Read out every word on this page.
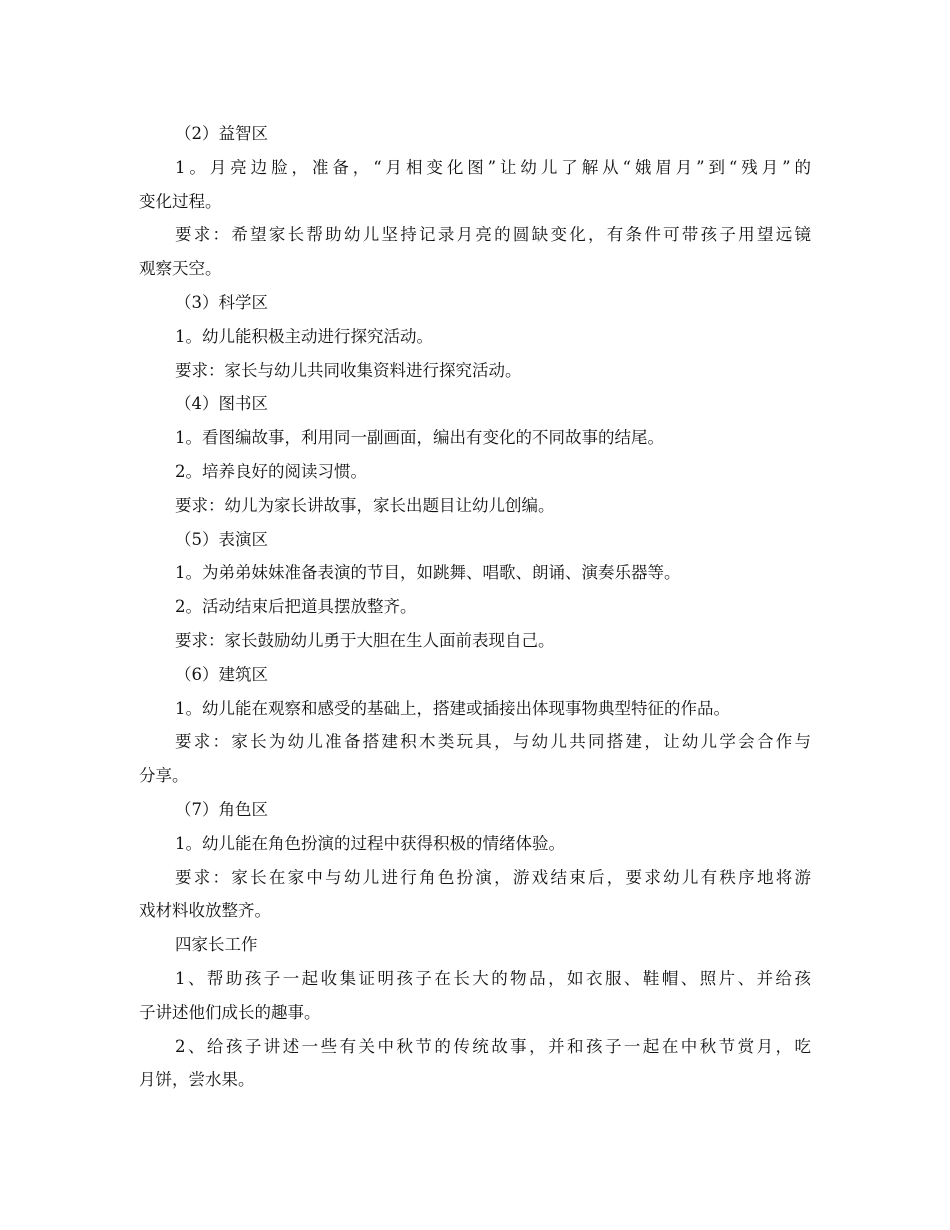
（2）益智区

1。月亮边脸，准备，“月相变化图”让幼儿了解从“娥眉月”到“残月”的

变化过程。

要求：希望家长帮助幼儿坚持记录月亮的圆缺变化，有条件可带孩子用望远镜

观察天空。

（3）科学区

1。幼儿能积极主动进行探究活动。

要求：家长与幼儿共同收集资料进行探究活动。

（4）图书区

1。看图编故事，利用同一副画面，编出有变化的不同故事的结尾。

2。培养良好的阅读习惯。

要求：幼儿为家长讲故事，家长出题目让幼儿创编。

（5）表演区

1。为弟弟妹妹准备表演的节目，如跳舞、唱歌、朗诵、演奏乐器等。

2。活动结束后把道具摆放整齐。

要求：家长鼓励幼儿勇于大胆在生人面前表现自己。

（6）建筑区

1。幼儿能在观察和感受的基础上，搭建或插接出体现事物典型特征的作品。

要求：家长为幼儿准备搭建积木类玩具，与幼儿共同搭建，让幼儿学会合作与

分享。

（7）角色区

1。幼儿能在角色扮演的过程中获得积极的情绪体验。

要求：家长在家中与幼儿进行角色扮演，游戏结束后，要求幼儿有秩序地将游

戏材料收放整齐。

四家长工作

1、帮助孩子一起收集证明孩子在长大的物品，如衣服、鞋帽、照片、并给孩

子讲述他们成长的趣事。

2、给孩子讲述一些有关中秋节的传统故事，并和孩子一起在中秋节赏月，吃

月饼，尝水果。
